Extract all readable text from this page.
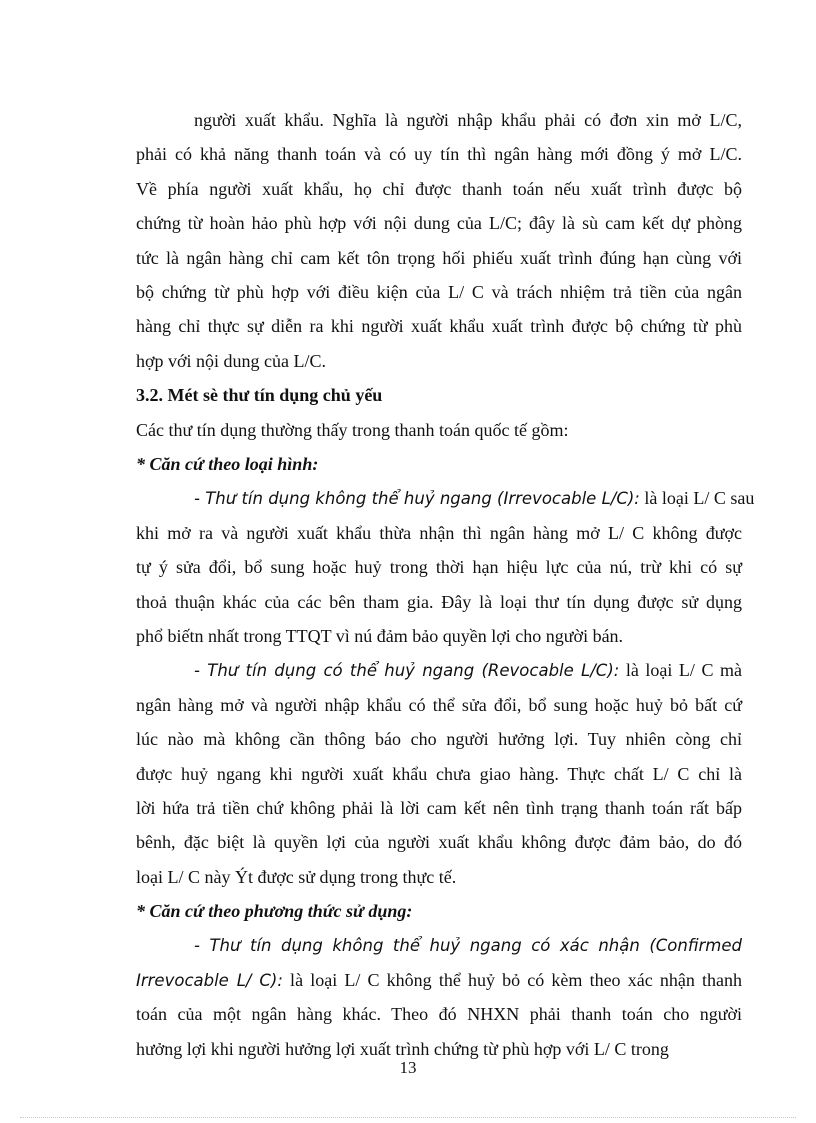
người xuất khẩu. Nghĩa là người nhập khẩu phải có đơn xin mở L/C,
phải có khả năng thanh toán và có uy tín thì ngân hàng mới đồng ý mở L/C.
Về phía người xuất khẩu, họ chỉ được thanh toán nếu xuất trình được bộ
chứng từ hoàn hảo phù hợp với nội dung của L/C; đây là sù cam kết dự phòng
tức là ngân hàng chỉ cam kết tôn trọng hối phiếu xuất trình đúng hạn cùng với
bộ chứng từ phù hợp với điều kiện của L/ C và trách nhiệm trả tiền của ngân
hàng chỉ thực sự diễn ra khi người xuất khẩu xuất trình được bộ chứng từ phù
hợp với nội dung của L/C.
3.2. Mét sè thư tín dụng chủ yếu
Các thư tín dụng thường thấy trong thanh toán quốc tế gồm:
* Căn cứ theo loại hình:
- Thư tín dụng không thể huỷ ngang (Irrevocable L/C): là loại L/ C sau
khi mở ra và người xuất khẩu thừa nhận thì ngân hàng mở L/ C không được
tự ý sửa đổi, bổ sung hoặc huỷ trong thời hạn hiệu lực của nú, trừ khi có sự
thoả thuận khác của các bên tham gia. Đây là loại thư tín dụng được sử dụng
phổ biếtn nhất trong TTQT vì nú đảm bảo quyền lợi cho người bán.
- Thư tín dụng có thể huỷ ngang (Revocable L/C): là loại L/ C mà
ngân hàng mở và người nhập khẩu có thể sửa đổi, bổ sung hoặc huỷ bỏ bất cứ
lúc nào mà không cần thông báo cho người hưởng lợi. Tuy nhiên còng chỉ
được huỷ ngang khi người xuất khẩu chưa giao hàng. Thực chất L/ C chỉ là
lời hứa trả tiền chứ không phải là lời cam kết nên tình trạng thanh toán rất bấp
bênh, đặc biệt là quyền lợi của người xuất khẩu không được đảm bảo, do đó
loại L/ C này Ýt được sử dụng trong thực tế.
* Căn cứ theo phương thức sử dụng:
- Thư tín dụng không thể huỷ ngang có xác nhận (Confirmed
Irrevocable L/ C): là loại L/ C không thể huỷ bỏ có kèm theo xác nhận thanh
toán của một ngân hàng khác. Theo đó NHXN phải thanh toán cho người
hưởng lợi khi người hưởng lợi xuất trình chứng từ phù hợp với L/ C trong
13
